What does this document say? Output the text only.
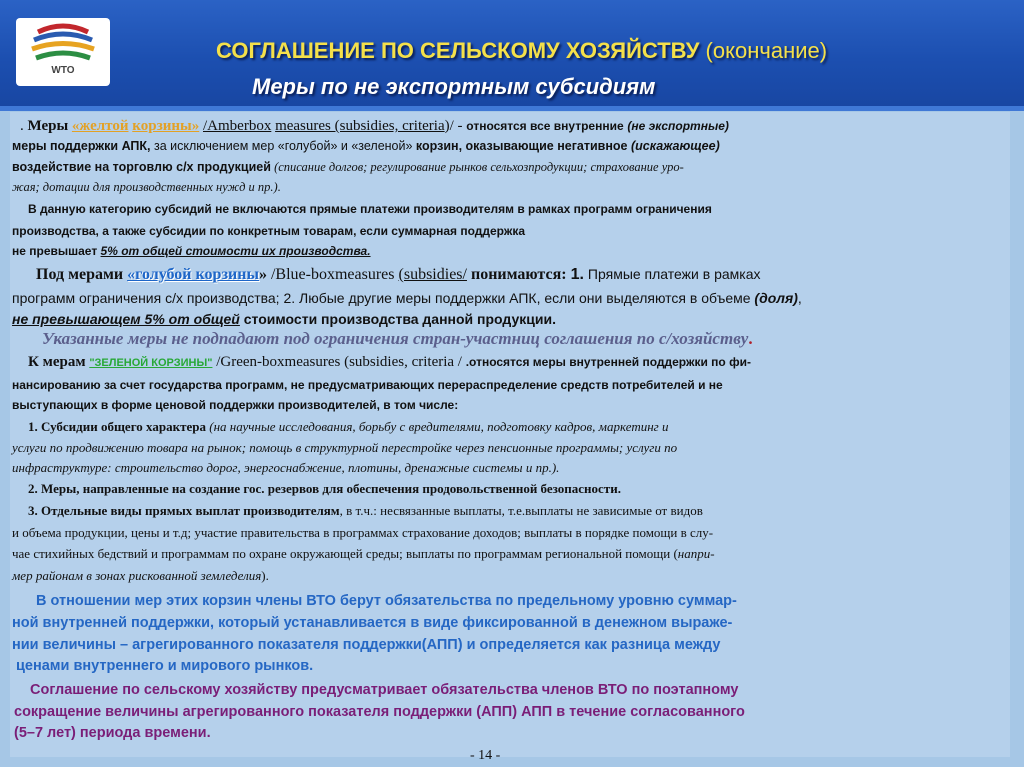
WTO
СОГЛАШЕНИЕ ПО СЕЛЬСКОМУ ХОЗЯЙСТВУ (окончание)
Меры по не экспортным субсидиям
. Меры «желтой корзины» /Amberbox measures (subsidies, criteria)/ - относятся все внутренние (не экспортные)
меры поддержки АПК, за исключением мер «голубой» и «зеленой» корзин, оказывающие негативное (искажающее)
воздействие на торговлю с/х продукцией (списание долгов; регулирование рынков сельхозпродукции; страхование уро-
жая; дотации для производственных нужд и пр.).
В данную категорию субсидий не включаются прямые платежи производителям в рамках программ ограничения
производства, а также субсидии по конкретным товарам, если суммарная поддержка
не превышает 5% от общей стоимости их производства.
Под мерами «голубой корзины» /Blue-boxmeasures (subsidies/ понимаются: 1. Прямые платежи в рамках
программ ограничения с/х производства; 2. Любые другие меры поддержки АПК, если они выделяются в объеме (доля),
не превышающем 5% от общей стоимости производства данной продукции.
Указанные меры не подпадают под ограничения стран-участниц соглашения по с/хозяйству.
К мерам "ЗЕЛЕНОЙ КОРЗИНЫ" /Green-boxmeasures (subsidies, criteria / .относятся меры внутренней поддержки по фи-
нансированию за счет государства программ, не предусматривающих перераспределение средств потребителей и не
выступающих в форме ценовой поддержки производителей, в том числе:
1. Субсидии общего характера (на научные исследования, борьбу с вредителями, подготовку кадров, маркетинг и
услуги по продвижению товара на рынок; помощь в структурной перестройке через пенсионные программы; услуги по
инфраструктуре: строительство дорог, энергоснабжение, плотины, дренажные системы и пр.).
2. Меры, направленные на создание гос. резервов для обеспечения продовольственной безопасности.
3. Отдельные виды прямых выплат производителям, в т.ч.: несвязанные выплаты, т.е.выплаты не зависимые от видов
и объема продукции, цены и т.д; участие правительства в программах страхование доходов; выплаты в порядке помощи в слу-
чае стихийных бедствий и программам по охране окружающей среды; выплаты по программам региональной помощи (напри-
мер районам в зонах рискованной земледелия).
В отношении мер этих корзин члены ВТО берут обязательства по предельному уровню суммар-
ной внутренней поддержки, который устанавливается в виде фиксированной в денежном выраже-
нии величины – агрегированного показателя поддержки(АПП) и определяется как разница между
ценами внутреннего и мирового рынков.
Соглашение по сельскому хозяйству предусматривает обязательства членов ВТО по поэтапному
сокращение величины агрегированного показателя поддержки (АПП) АПП в течение согласованного
(5–7 лет) периода времени.
- 14 -
